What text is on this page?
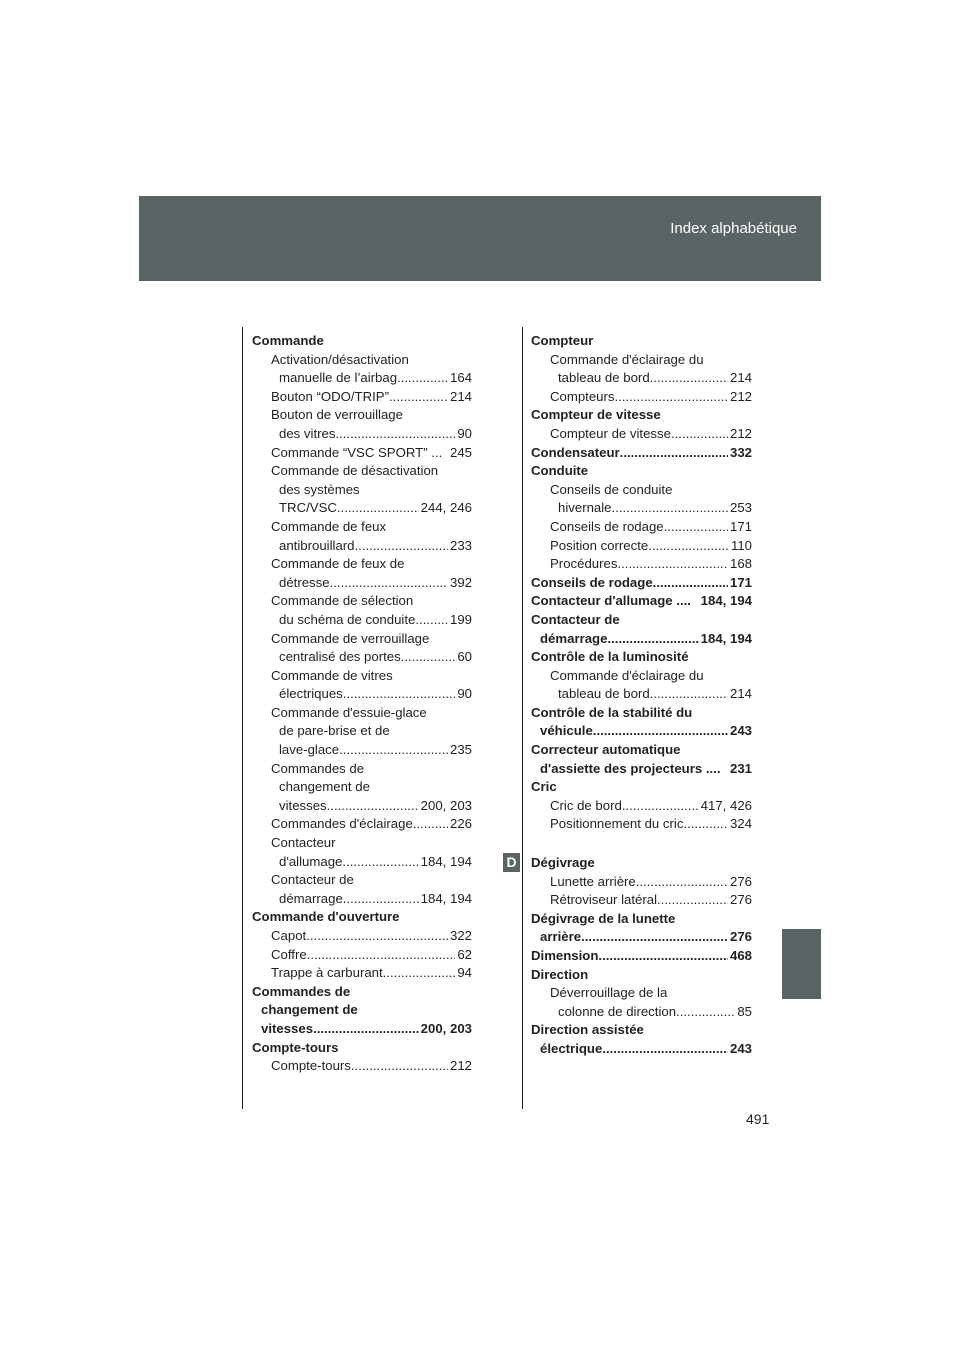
Index alphabétique
Commande
Activation/désactivation
manuelle de l’airbag .....	164
Bouton “ODO/TRIP” .....	214
Bouton de verrouillage
des vitres .....	90
Commande “VSC SPORT” ... 245
Commande de désactivation
des systèmes
TRC/VSC .....	244, 246
Commande de feux
antibrouillard .....	233
Commande de feux de
détresse .....	392
Commande de sélection
du schéma de conduite .....	199
Commande de verrouillage
centralisé des portes .....	60
Commande de vitres
électriques .....	90
Commande d'essuie-glace
de pare-brise et de
lave-glace .....	235
Commandes de
changement de
vitesses .....	200, 203
Commandes d'éclairage .....	226
Contacteur
d'allumage .....	184, 194
Contacteur de
démarrage .....	184, 194
Commande d'ouverture
Capot .....	322
Coffre .....	62
Trappe à carburant .....	94
Commandes de
changement de
vitesses .....	200, 203
Compte-tours
Compte-tours .....	212
Compteur
Commande d'éclairage du
tableau de bord .....	214
Compteurs .....	212
Compteur de vitesse
Compteur de vitesse .....	212
Condensateur .....	332
Conduite
Conseils de conduite
hivernale .....	253
Conseils de rodage .....	171
Position correcte .....	110
Procédures .....	168
Conseils de rodage .....	171
Contacteur d'allumage .... 184, 194
Contacteur de
démarrage .....	184, 194
Contrôle de la luminosité
Commande d'éclairage du
tableau de bord .....	214
Contrôle de la stabilité du
véhicule .....	243
Correcteur automatique
d'assiette des projecteurs .... 231
Cric
Cric de bord .....	417, 426
Positionnement du cric .....	324
Dégivrage
Lunette arrière .....	276
Rétroviseur latéral .....	276
Dégivrage de la lunette
arrière .....	276
Dimension .....	468
Direction
Déverrouillage de la
colonne de direction .....	85
Direction assistée
électrique .....	243
D
491
